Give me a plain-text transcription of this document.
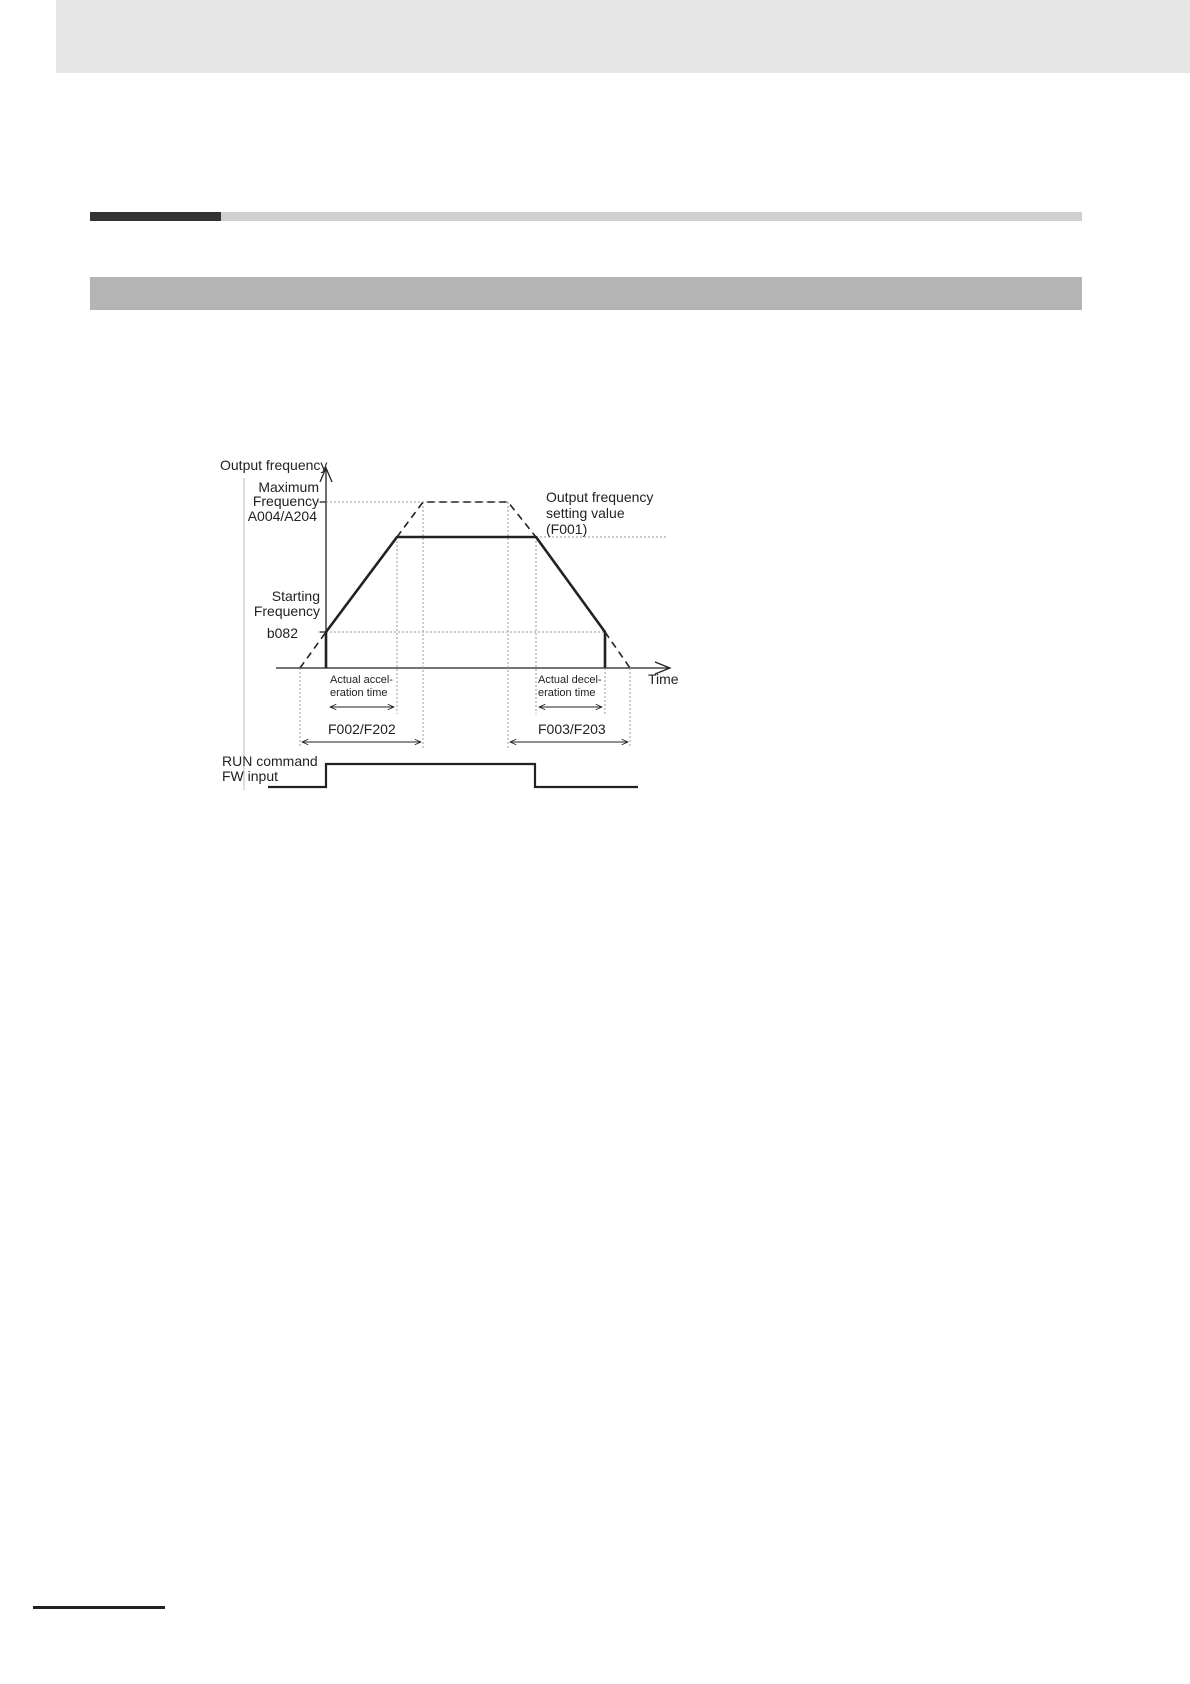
Output frequency
Maximum
Frequency
A004/A204
Output frequency
setting value
(F001)
Starting
Frequency
b082
Time
Actual accel-
eration time
Actual decel-
eration time
F002/F202	F003/F203
RUN command
FW input
